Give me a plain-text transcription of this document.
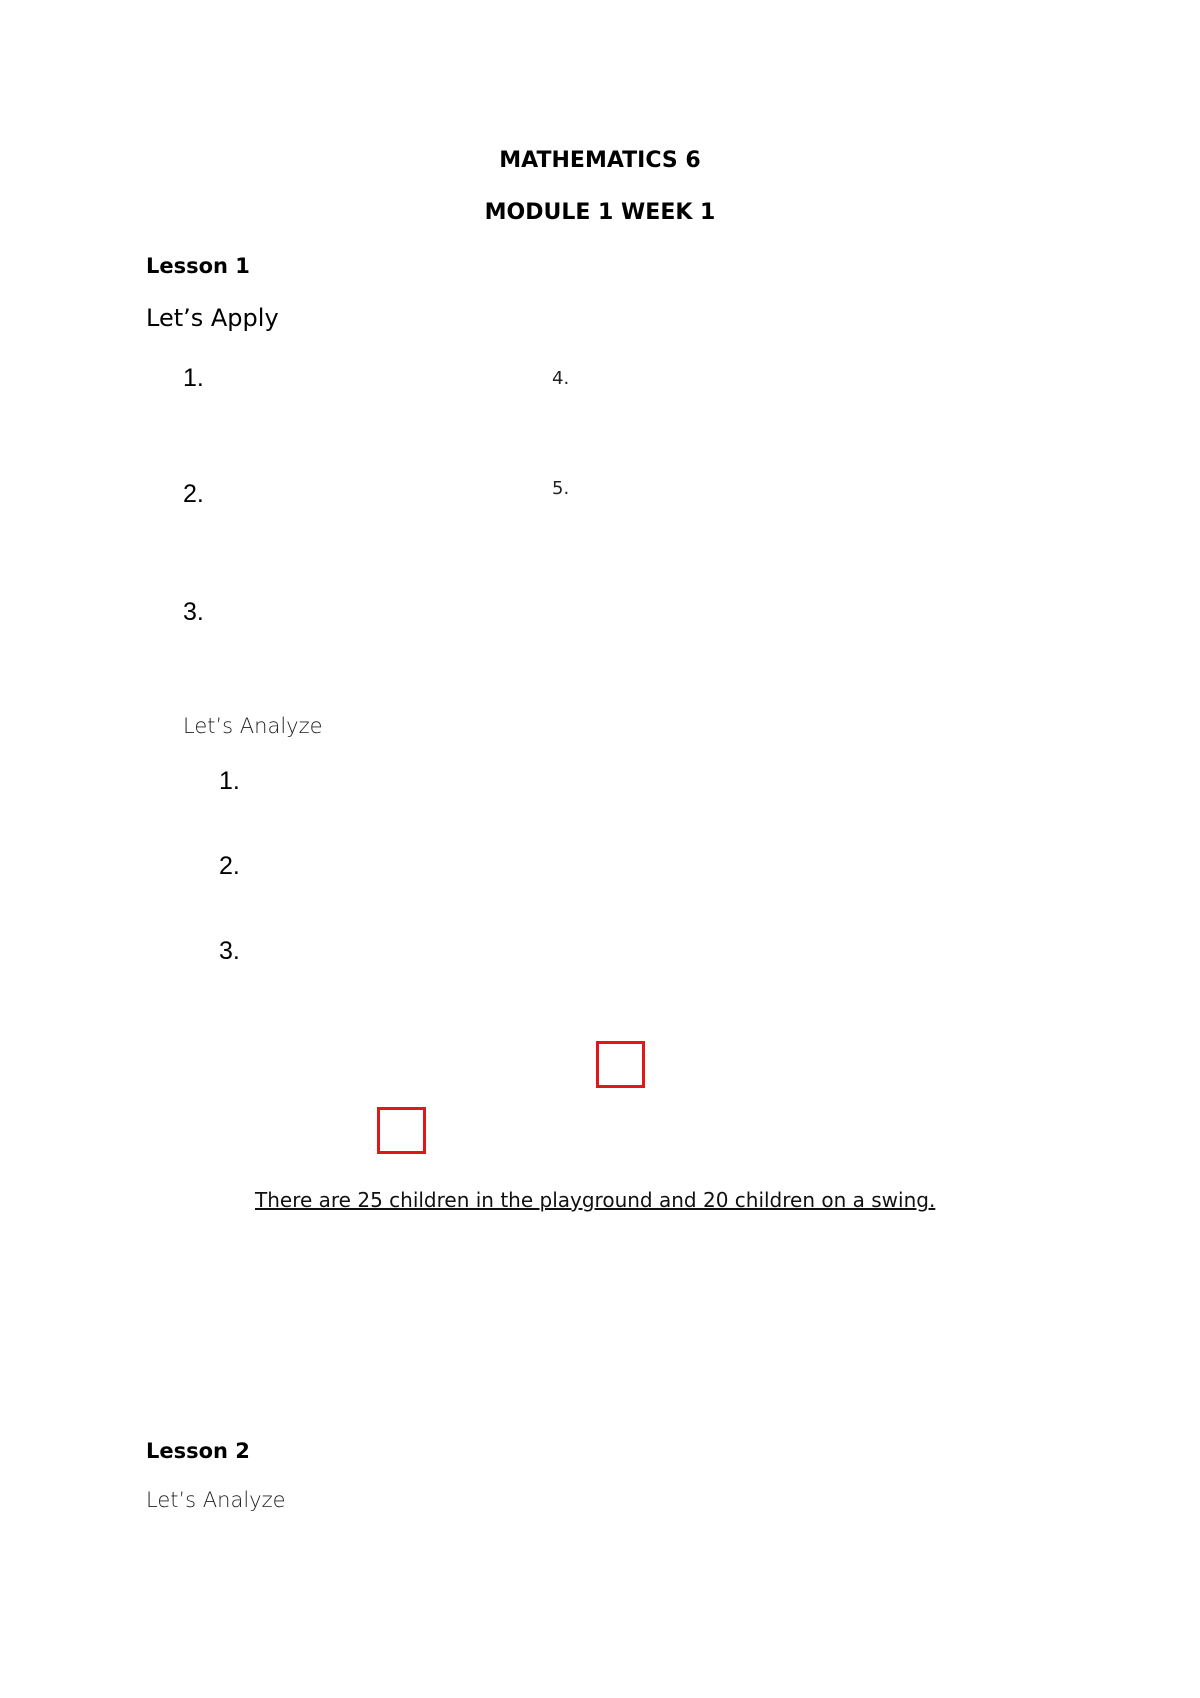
MATHEMATICS 6
MODULE 1 WEEK 1
Lesson 1
Let’s Apply
1.
2.
3.
4.
5.
Let’s Analyze
1.
2.
3.
There are 25 children in the playground and 20 children on a swing.
Lesson 2
Let’s Analyze
